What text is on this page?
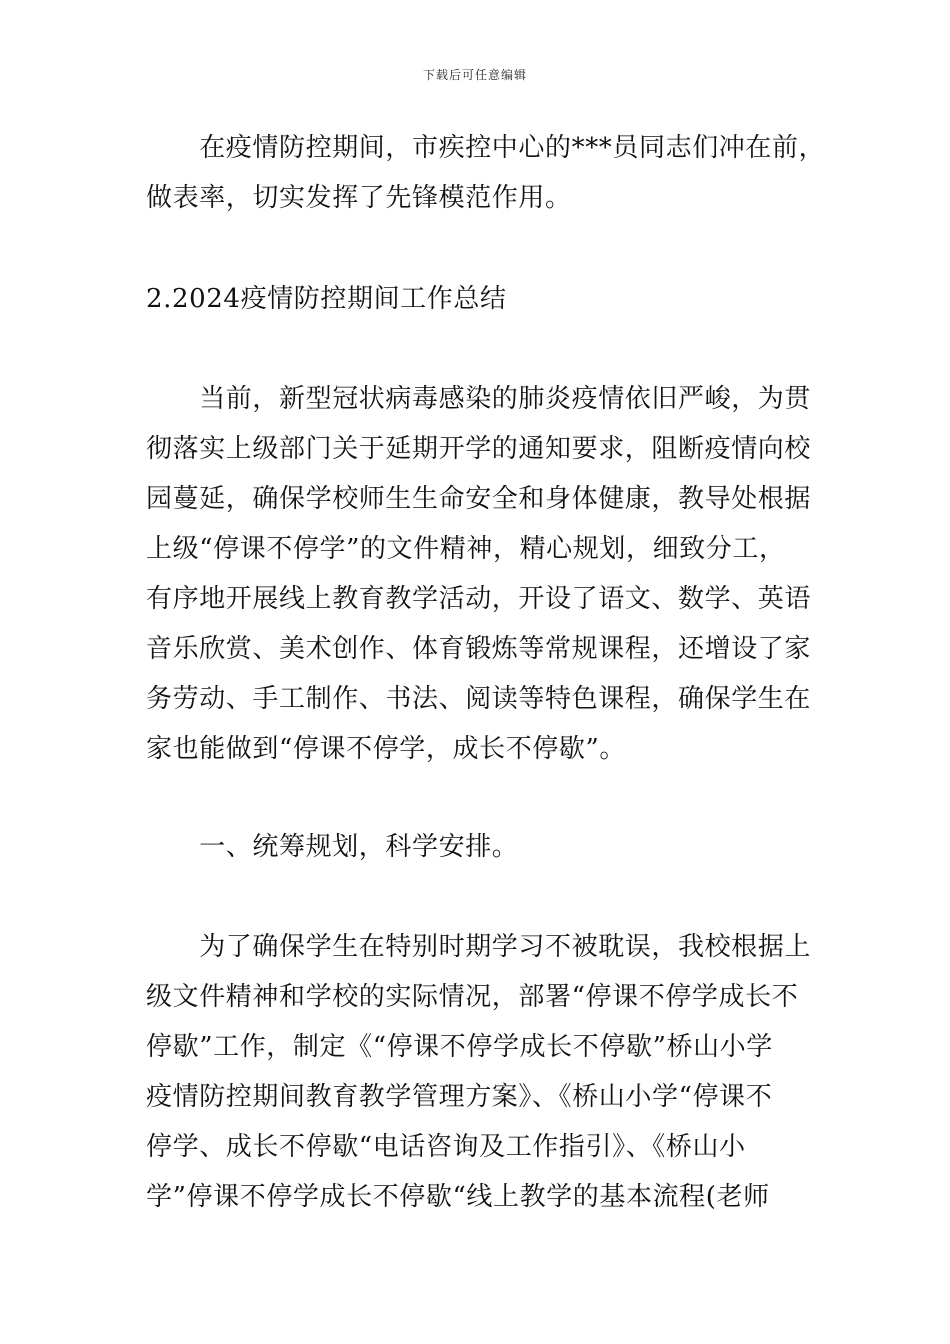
下载后可任意编辑
　　在疫情防控期间，市疾控中心的***员同志们冲在前，
做表率，切实发挥了先锋模范作用。
2.2024疫情防控期间工作总结
　　当前，新型冠状病毒感染的肺炎疫情依旧严峻，为贯
彻落实上级部门关于延期开学的通知要求，阻断疫情向校
园蔓延，确保学校师生生命安全和身体健康，教导处根据
上级“停课不停学”的文件精神，精心规划，细致分工，
有序地开展线上教育教学活动，开设了语文、数学、英语
音乐欣赏、美术创作、体育锻炼等常规课程，还增设了家
务劳动、手工制作、书法、阅读等特色课程，确保学生在
家也能做到“停课不停学，成长不停歇”。
　　一、统筹规划，科学安排。
　　为了确保学生在特别时期学习不被耽误，我校根据上
级文件精神和学校的实际情况，部署“停课不停学成长不
停歇”工作，制定《“停课不停学成长不停歇”桥山小学
疫情防控期间教育教学管理方案》、《桥山小学“停课不
停学、成长不停歇“电话咨询及工作指引》、《桥山小
学”停课不停学成长不停歇“线上教学的基本流程(老师
